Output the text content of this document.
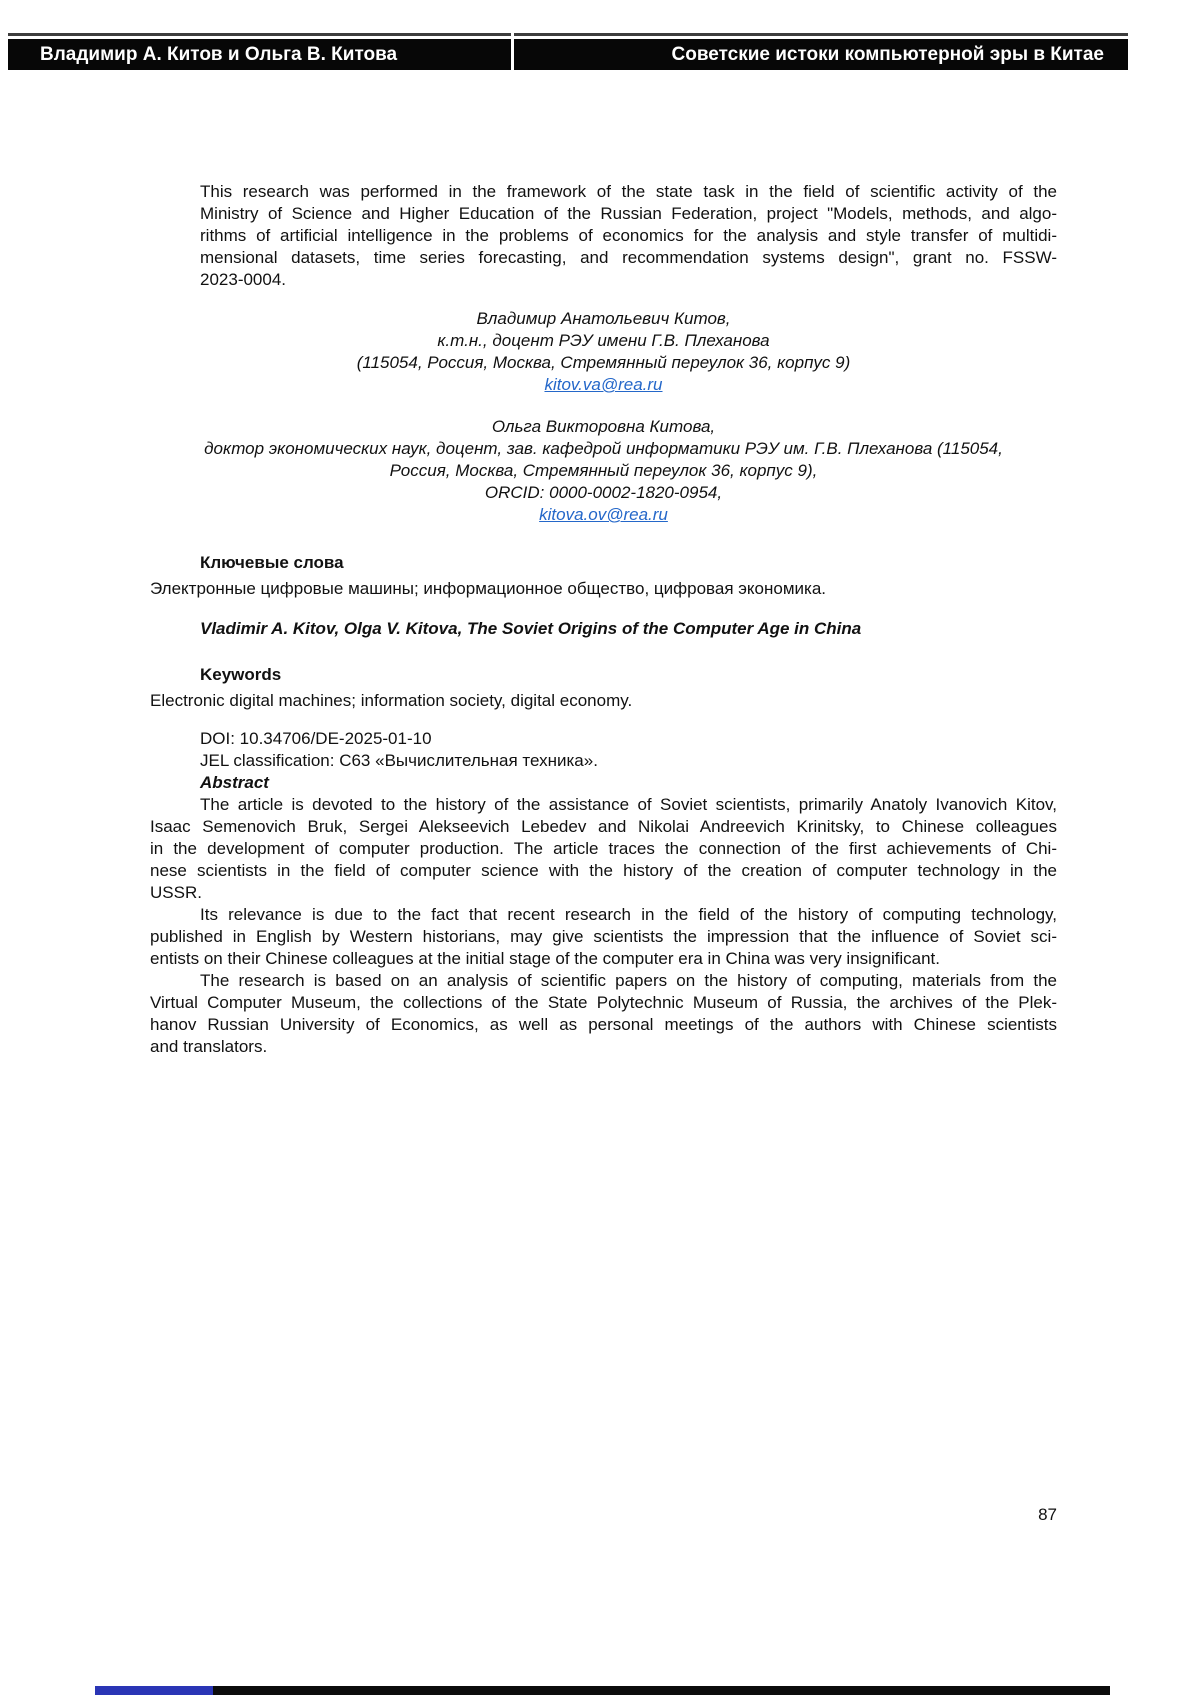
Владимир А. Китов и Ольга В. Китова	Советские истоки компьютерной эры в Китае
This research was performed in the framework of the state task in the field of scientific activity of the
Ministry of Science and Higher Education of the Russian Federation, project "Models, methods, and algo-
rithms of artificial intelligence in the problems of economics for the analysis and style transfer of multidi-
mensional datasets, time series forecasting, and recommendation systems design", grant no. FSSW-
2023-0004.
Владимир Анатольевич Китов,
к.т.н., доцент РЭУ имени Г.В. Плеханова
(115054, Россия, Москва, Стремянный переулок 36, корпус 9)
kitov.va@rea.ru
Ольга Викторовна Китова,
доктор экономических наук, доцент, зав. кафедрой информатики РЭУ им. Г.В. Плеханова (115054,
Россия, Москва, Стремянный переулок 36, корпус 9),
ORCID: 0000-0002-1820-0954,
kitova.ov@rea.ru
Ключевые слова
Электронные цифровые машины; информационное общество, цифровая экономика.
Vladimir A. Kitov, Olga V. Kitova, The Soviet Origins of the Computer Age in China
Keywords
Electronic digital machines; information society, digital economy.
DOI: 10.34706/DE-2025-01-10
JEL classification: C63 «Вычислительная техника».
Abstract
The article is devoted to the history of the assistance of Soviet scientists, primarily Anatoly Ivanovich Kitov,
Isaac Semenovich Bruk, Sergei Alekseevich Lebedev and Nikolai Andreevich Krinitsky, to Chinese colleagues
in the development of computer production. The article traces the connection of the first achievements of Chi-
nese scientists in the field of computer science with the history of the creation of computer technology in the
USSR.
Its relevance is due to the fact that recent research in the field of the history of computing technology,
published in English by Western historians, may give scientists the impression that the influence of Soviet sci-
entists on their Chinese colleagues at the initial stage of the computer era in China was very insignificant.
The research is based on an analysis of scientific papers on the history of computing, materials from the
Virtual Computer Museum, the collections of the State Polytechnic Museum of Russia, the archives of the Plek-
hanov Russian University of Economics, as well as personal meetings of the authors with Chinese scientists
and translators.
87
